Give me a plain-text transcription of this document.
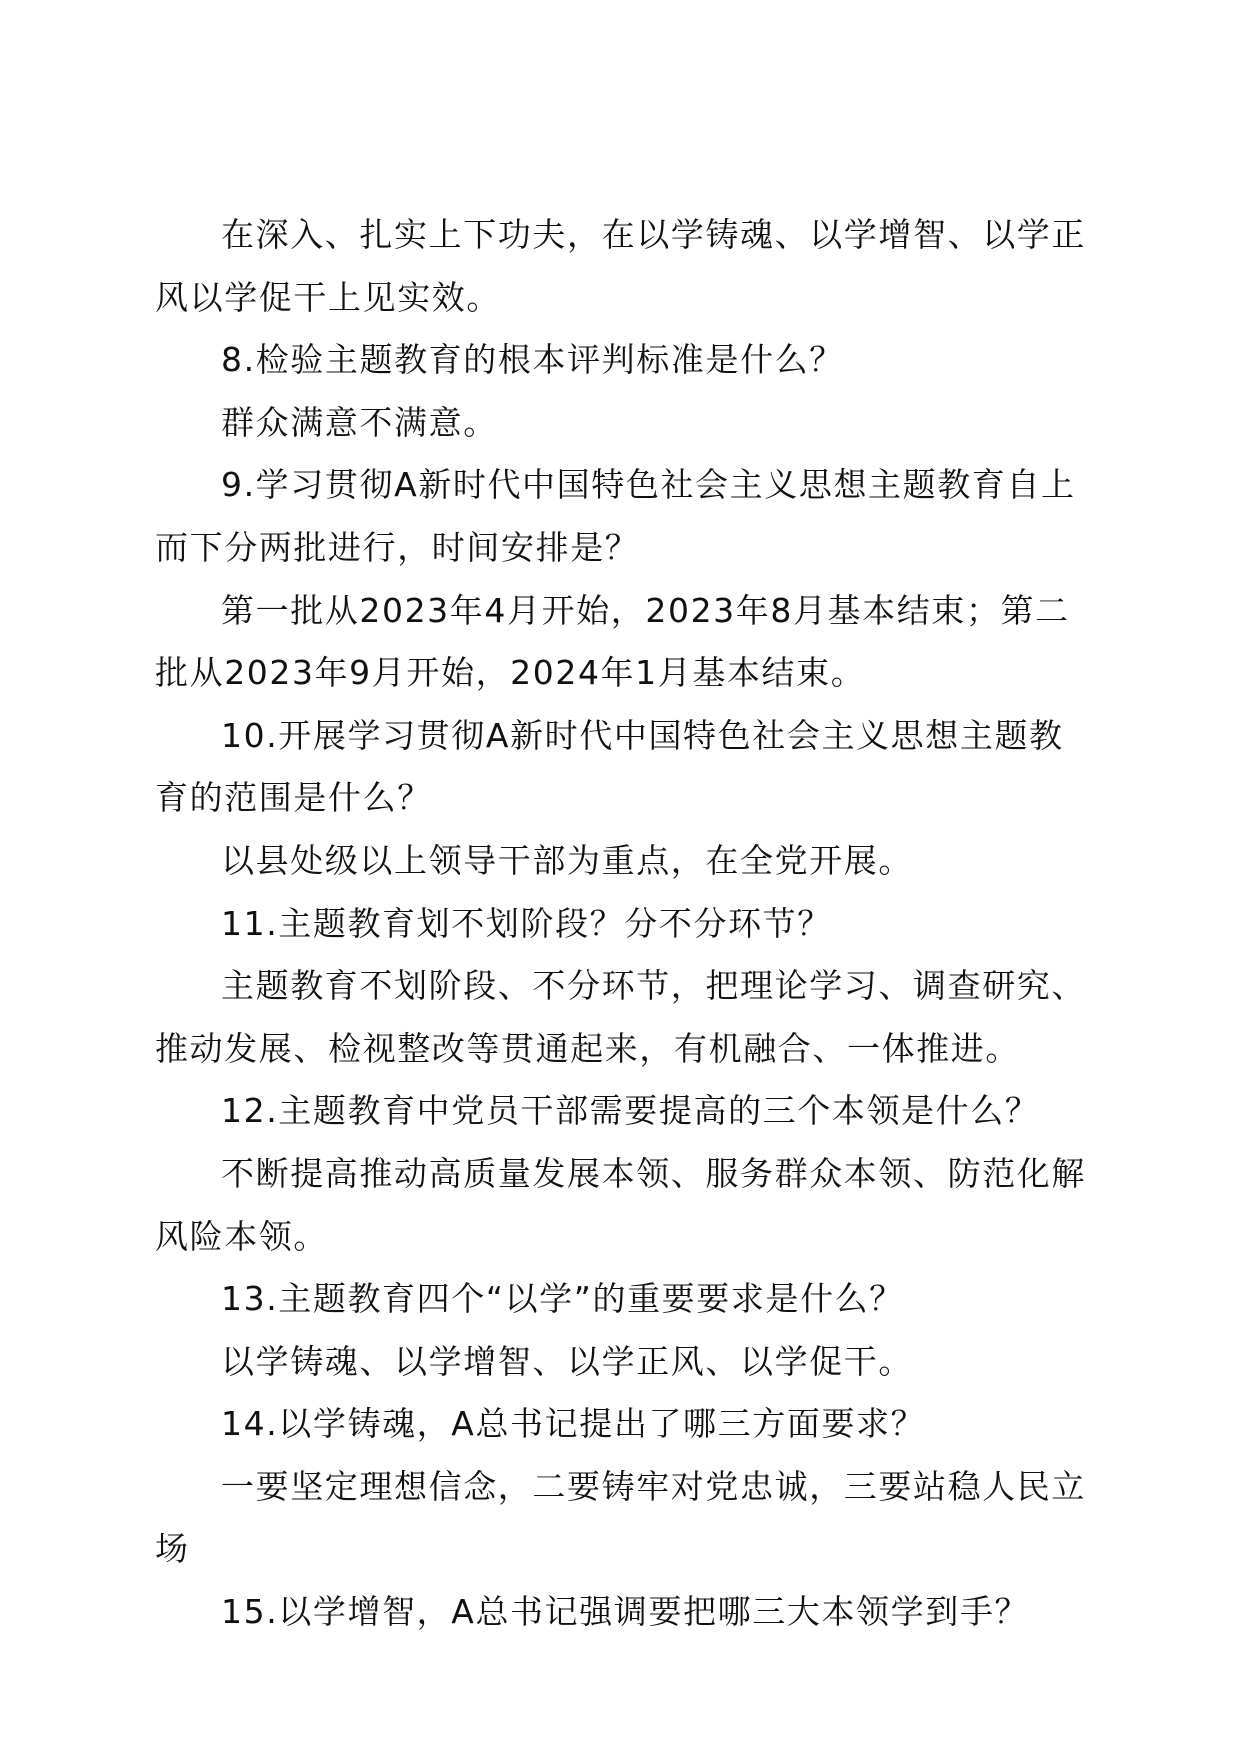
在深入、扎实上下功夫，在以学铸魂、以学增智、以学正风以学促干上见实效。

8.检验主题教育的根本评判标准是什么？

群众满意不满意。

9.学习贯彻A新时代中国特色社会主义思想主题教育自上而下分两批进行，时间安排是？

第一批从2023年4月开始，2023年8月基本结束；第二批从2023年9月开始，2024年1月基本结束。

10.开展学习贯彻A新时代中国特色社会主义思想主题教育的范围是什么？

以县处级以上领导干部为重点，在全党开展。

11.主题教育划不划阶段？分不分环节？

主题教育不划阶段、不分环节，把理论学习、调查研究、推动发展、检视整改等贯通起来，有机融合、一体推进。

12.主题教育中党员干部需要提高的三个本领是什么？

不断提高推动高质量发展本领、服务群众本领、防范化解风险本领。

13.主题教育四个“以学”的重要要求是什么？

以学铸魂、以学增智、以学正风、以学促干。

14.以学铸魂，A总书记提出了哪三方面要求？

一要坚定理想信念，二要铸牢对党忠诚，三要站稳人民立场

15.以学增智，A总书记强调要把哪三大本领学到手？
